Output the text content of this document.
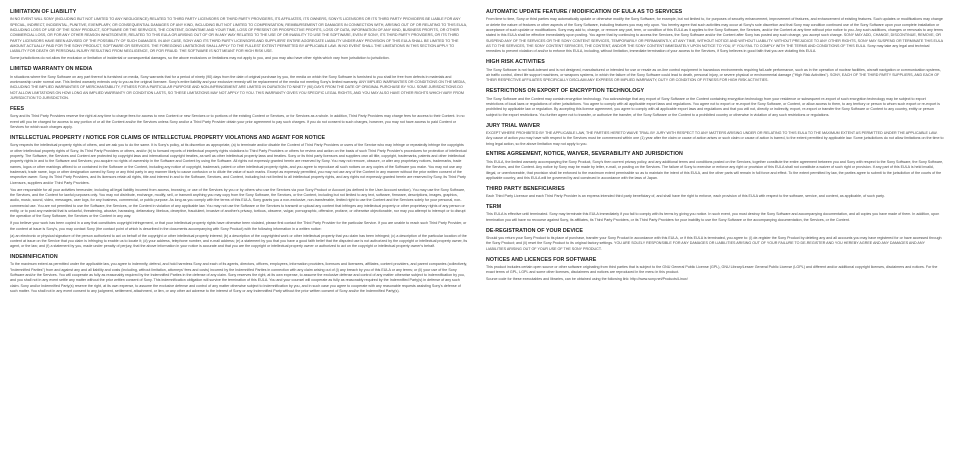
LIMITATION OF LIABILITY

IN NO EVENT WILL SONY (INCLUDING BUT NOT LIMITED TO ANY NEGLIGENCE) RELATED TO THIRD PARTY LICENSORS OR THIRD PARTY PROVIDERS, ITS AFFILIATES, ITS OWNERS, SONY'S LICENSORS OR ITS THIRD PARTY PROVIDERS BE LIABLE FOR ANY SPECIAL, INDIRECT, INCIDENTAL, PUNITIVE, EXEMPLARY, OR CONSEQUENTIAL DAMAGES OF ANY KIND, INCLUDING BUT NOT LIMITED TO COMPENSATION, REIMBURSEMENT OR DAMAGES IN CONNECTION WITH, ARISING OUT OF OR RELATING TO THIS EULA, INCLUDING LOSS OF USE OF THE SONY PRODUCT, SOFTWARE OR THE SERVICES, THE CONTENT, DOWNTIME AND YOUR TIME, LOSS OF PRESENT OR PROSPECTIVE PROFITS, LOSS OF DATA, INFORMATION OF ANY KIND, BUSINESS PROFITS, OR OTHER COMMERCIAL LOSS, OR FOR ANY OTHER REASON WHATSOEVER, RELATED TO THIS EULA OR ARISING OUT OF OR IN ANY WAY RELATED TO THE USE OF OR INABILITY TO USE THE SOFTWARE, EVEN IF SONY, ITS THIRD PARTY PROVIDERS, OR ITS THIRD PARTY LICENSORS HAVE BEEN ADVISED OF THE POSSIBILITY OF SUCH DAMAGES. IN ANY CASE, SONY AND ITS THIRD PARTY LICENSORS AND SUPPLIERS' ENTIRE AGGREGATE LIABILITY UNDER ANY PROVISION OF THIS EULA SHALL BE LIMITED TO THE AMOUNT ACTUALLY PAID FOR THE SONY PRODUCT, SOFTWARE OR SERVICES. THE FOREGOING LIMITATIONS SHALL APPLY TO THE FULLEST EXTENT PERMITTED BY APPLICABLE LAW. IN NO EVENT SHALL THE LIMITATIONS IN THIS SECTION APPLY TO LIABILITY FOR DEATH OR PERSONAL INJURY RESULTING FROM NEGLIGENCE, OR FOR FRAUD. THE SOFTWARE IS NOT MEANT FOR HIGH RISK USE.

Some jurisdictions do not allow the exclusion or limitation of incidental or consequential damages, so the above exclusions or limitations may not apply to you, and you may also have other rights which vary from jurisdiction to jurisdiction.

LIMITED WARRANTY ON MEDIA

In situations where the Sony Software on any part thereof is furnished on media, Sony warrants that for a period of ninety (90) days from the date of original purchase by you, the media on which the Sony Software is furnished to you shall be free from defects in materials and workmanship under normal use. This limited warranty extends only to you as the original licensee. Sony's entire liability and your exclusive remedy will be replacement of the media not meeting Sony's limited warranty. ANY IMPLIED WARRANTIES OR CONDITIONS ON THE MEDIA, INCLUDING THE IMPLIED WARRANTIES OF MERCHANTABILITY, FITNESS FOR A PARTICULAR PURPOSE AND NON-INFRINGEMENT ARE LIMITED IN DURATION TO NINETY (90) DAYS FROM THE DATE OF ORIGINAL PURCHASE BY YOU. SOME JURISDICTIONS DO NOT ALLOW LIMITATIONS ON HOW LONG AN IMPLIED WARRANTY OR CONDITION LASTS, SO THESE LIMITATIONS MAY NOT APPLY TO YOU. THIS WARRANTY GIVES YOU SPECIFIC LEGAL RIGHTS, AND YOU MAY ALSO HAVE OTHER RIGHTS WHICH VARY FROM JURISDICTION TO JURISDICTION.

FEES

Sony and its Third Party Providers reserve the right at any time to charge fees for access to new Content or new Services or to portions of the existing Content or Services, or for Services as a whole. In addition, Third Party Providers may charge fees for access to their Content. In no event will you be charged for access to any portion of or all the Content and/or the Services unless Sony and/or a Third Party Provider obtain your prior agreement to pay such charges. If you do not consent to such charges, however, you may not have access to paid Content or Services for which such charges apply.

INTELLECTUAL PROPERTY / NOTICE FOR CLAIMS OF INTELLECTUAL PROPERTY VIOLATIONS AND AGENT FOR NOTICE

Sony respects the intellectual property rights of others, and we ask you to do the same. It is Sony's policy, at its discretion as appropriate, (a) to terminate and/or disable the Content of Third Party Providers or users of the Service who may infringe or repeatedly infringe the copyrights or other intellectual property rights of Sony, its Third Party Providers or others, and/or (b) to forward reports of intellectual property rights violations to Third Party Providers or others for review and action on the basis of such Third Party Provider's procedures for protection of intellectual property. The Software, the Services and Content are protected by copyright laws and international copyright treaties, as well as other intellectual property laws and treaties. Sony or its third party licensors and suppliers own all title, copyright, trademarks, patents and other intellectual property rights in and to the Software and Services; you acquire no rights of ownership in the Software and Content by using the Software. All rights not expressly granted herein are reserved by Sony. You may not remove, obscure, or alter any proprietary notices, trademarks, trade names, logos or other markings affixed to or contained in the Software or the Content, including any notice of copyright, trademark, patent or other intellectual property rights, and you agree to reproduce all such notices on any copies of the Software you make. You may not use any trademark, trade name, logo or other designation owned by Sony or any third party in any manner likely to cause confusion or to dilute the value of such marks. Except as expressly permitted, you may not use any of the Content in any manner without the prior written consent of the respective owner. Sony, its Third Party Providers, and its licensors retain all rights, title and interest in and to the Software, Services, and Content, including but not limited to all intellectual property rights, and any rights not expressly granted herein are reserved by Sony, its Third Party Licensors, suppliers and/or Third Party Providers.

You are responsible for all your activities hereunder, including all legal liability incurred from access, browsing, or use of the Services by you or by others who use the Services via your Sony Product or Account (as defined in the User Account section). You may use the Sony Software, the Services, and the Content for lawful purposes only. You may not distribute, exchange, modify, sell, or transmit anything you may copy from the Sony Software, the Services, or the Content, including but not limited to any text, software, firmware, descriptions, images, graphics, audio, music, sound, video, messages, user logs, for any business, commercial, or public purpose. As long as you comply with the terms of this EULA, Sony grants you a non-exclusive, non-transferable, limited right to use the Content and the Services solely for your personal, non-commercial use. You are not permitted to use the Software, the Services, or the Content in violation of any applicable law. You may not use the Software or the Services to transmit or upload any content that infringes any intellectual property or other proprietary rights of any person or entity, or to post any material that is unlawful, threatening, abusive, harassing, defamatory, libelous, deceptive, fraudulent, invasive of another's privacy, tortious, obscene, vulgar, pornographic, offensive, profane, or otherwise objectionable, nor may you attempt to interrupt or to disrupt the operation of the Sony Software, the Services or the Content in any way.

If you believe your work has been copied in a way that constitutes copyright infringement, or that your intellectual property rights have otherwise been violated, please first contact the Third Party Provider for the particular Service. If you are unable to reach such Third Party Provider, or the content at issue is Sony's, you may contact Sony (the contact point of which is described in the documents accompanying with Sony Product) with the following information in a written notice:

(a) an electronic or physical signature of the person authorized to act on behalf of the copyright or other intellectual property interest; (b) a description of the copyrighted work or other intellectual property that you claim has been infringed; (c) a description of the particular location of the content at issue on the Service that you claim is infringing to enable us to locate it; (d) your address, telephone number, and e-mail address; (e) a statement by you that you have a good faith belief that the disputed use is not authorized by the copyright or intellectual property owner, its agent, or the law; and (f) a statement by you, made under penalty of perjury, that the above information in your notice is accurate and that you are the copyright or intellectual property owner or authorized to act on the copyright or intellectual property owner's behalf.

INDEMNIFICATION

To the maximum extent as permitted under the applicable law, you agree to indemnify, defend, and hold harmless Sony and each of its agents, directors, officers, employees, information providers, licensors and licensees, affiliates, content providers, and parent companies (collectively, "Indemnified Parties") from and against any and all liability and costs (including, without limitation, attorneys' fees and costs) incurred by the Indemnified Parties in connection with any claim arising out of (i) any breach by you of this EULA or any terms; or (ii) your use of the Sony Software and/or the Services. You will cooperate as fully as reasonably required by the Indemnified Parties in the defense of any claim. Sony reserves the right, at its own expense, to assume the exclusive defense and control of any matter otherwise subject to indemnification by you, and you shall not in any event settle any matter without the prior written consent of Sony. This indemnification obligation will survive the termination of this EULA. You and your counsel will cooperate as fully as reasonably required by the Indemnified Party(s) in defense of any such claim. Sony and/or Indemnified Party(s) reserve the right, at its own expense, to assume the exclusive defense and control of any matter otherwise subject to indemnification by you, and in such case you agree to cooperate with any reasonable requests assisting Sony's defense of such matter. You shall not in any event consent to any judgment, settlement, attachment, or lien, or any other act adverse to the interest of Sony or any Indemnified Party without the prior written consent of Sony and/or the Indemnified Party(s).

AUTOMATIC UPDATE FEATURE / MODIFICATION OF EULA AS TO SERVICES

From time to time, Sony or third parties may automatically update or otherwise modify the Sony Software, for example, but not limited to, for purposes of security enhancement, improvement of features, and enhancement of existing features. Such updates or modifications may change or delete the nature of features or other aspects of the Sony Software, including features you may rely upon. You hereby agree that such activities may occur at Sony's sole discretion and that Sony may condition continued use of the Sony Software upon your complete installation or acceptance of such update or modifications. Sony may add to, change, or remove any part, term, or condition of this EULA as it applies to the Sony Software, the Services, and/or the Content at any time without prior notice to you. Any such additions, changes or removals to any terms stated in this EULA shall be effective immediately upon posting. You agree that by continuing to access the Services, the Sony Software and/or the Content after Sony has posted any such change, you accept such change. SONY MAY ADD, CHANGE, DISCONTINUE, REMOVE, OR SUSPEND ANY OF THE SERVICES OR THE SONY CONTENT SERVICES, TEMPORARILY OR PERMANENTLY, AT ANY TIME, WITHOUT NOTICE AND WITHOUT LIABILITY. WITHOUT PREJUDICE TO ANY OTHER RIGHTS, SONY MAY SUSPEND OR TERMINATE THIS EULA AS TO THE SERVICES, THE SONY CONTENT SERVICES, THE CONTENT, AND/OR THE SONY CONTENT IMMEDIATELY UPON NOTICE TO YOU, IF YOU FAIL TO COMPLY WITH THE TERMS AND CONDITIONS OF THIS EULA. Sony may take any legal and technical remedies to prevent violation of and/or to enforce this EULA, including, without limitation, immediate termination of your access to the Services, if Sony believes in good faith that you are violating this EULA.

HIGH RISK ACTIVITIES

The Sony Software is not fault-tolerant and is not designed, manufactured or intended for use or resale as on-line control equipment in hazardous environments requiring fail-safe performance, such as in the operation of nuclear facilities, aircraft navigation or communication systems, air traffic control, direct life support machines, or weapons systems, in which the failure of the Sony Software could lead to death, personal injury, or severe physical or environmental damage ("High Risk Activities"). SONY, EACH OF THE THIRD PARTY SUPPLIERS, AND EACH OF THEIR RESPECTIVE AFFILIATES SPECIFICALLY DISCLAIM ANY EXPRESS OR IMPLIED WARRANTY, DUTY OR CONDITION OF FITNESS FOR HIGH RISK ACTIVITIES.

RESTRICTIONS ON EXPORT OF ENCRYPTION TECHNOLOGY

The Sony Software and the Content may contain encryption technology. You acknowledge that any export of Sony Software or the Content containing encryption technology from your residence or subsequent re-export of such encryption technology may be subject to export restrictions of local laws or regulations of other jurisdictions. You agree to comply with all applicable export laws and regulations. You agree not to export or re-export the Sony Software, or Content, or allow access to them, to any territory or person to whom such export or re-export is prohibited by applicable law or regulation. By accepting this license agreement, you agree to comply with all applicable export laws and regulations and that you will not, directly or indirectly, export, re-export or transfer the Sony Software or Content to any country, entity or person subject to the export restrictions. You further agree not to transfer, or authorize the transfer, of the Sony Software or the Content to a prohibited country or otherwise in violation of any such restrictions or regulations.

JURY TRIAL WAIVER

EXCEPT WHERE PROHIBITED BY THE APPLICABLE LAW, THE PARTIES HERETO WAIVE TRIAL BY JURY WITH RESPECT TO ANY MATTERS ARISING UNDER OR RELATING TO THIS EULA TO THE MAXIMUM EXTENT AS PERMITTED UNDER THE APPLICABLE LAW. Any cause of action you may have with respect to the Services must be commenced within one (1) year after the claim or cause of action arises or such claim or cause of action is barred, to the extent permitted by applicable law. Some jurisdictions do not allow limitations on the time to bring legal action, so the above limitation may not apply to you.

ENTIRE AGREEMENT, NOTICE, WAIVER, SEVERABILITY AND JURISDICTION

This EULA, the limited warranty accompanying the Sony Product, Sony's then current privacy policy, and any additional terms and conditions posted on the Services, together constitute the entire agreement between you and Sony with respect to the Sony Software, the Sony Software, the Services, and the Content. Any notice by Sony may be made by letter, e-mail, or posting on the Services. The failure of Sony to exercise or enforce any right or provision of this EULA shall not constitute a waiver of such right or provision. If any part of this EULA is held invalid, illegal, or unenforceable, that provision shall be enforced to the maximum extent permissible so as to maintain the intent of this EULA, and the other parts will remain in full force and effect. To the extent permitted by law, the parties agree to submit to the jurisdiction of the courts of the applicable country, and this EULA will be governed by and construed in accordance with the laws of Japan.

THIRD PARTY BENEFICIARIES

Each Third Party Licensor and each Third Party Provider is an express intended third party beneficiary of, and shall have the right to enforce, each provision of this EULA with respect to the software, service, and content, as applicable, of such party.

TERM

This EULA is effective until terminated. Sony may terminate this EULA immediately if you fail to comply with its terms by giving you notice. In such event, you must destroy the Sony Software and accompanying documentation, and all copies you have made of them. In addition, upon termination you will have no recourse against Sony, its affiliates, its Third Party Providers, or its Third Party Providers for your inability to use the Sony Software or the accompanying documentation, the Services, or the Content.

DE-REGISTRATION OF YOUR DEVICE

Should you return your Sony Product to its place of purchase, transfer your Sony Product in accordance with this EULA, or if this EULA is terminated, you agree to: (i) de-register the Sony Product by deleting any and all accounts you may have registered for or have accessed through the Sony Product; and (ii) reset the Sony Product to its original factory settings. YOU ARE SOLELY RESPONSIBLE FOR ANY DAMAGES OR LIABILITIES ARISING OUT OF YOUR FAILURE TO DE-REGISTER AND YOU HEREBY AGREE AND ANY DAMAGES AND ANY LIABILITIES ARISING OUT OF YOUR USE OF THE SONY PRODUCT.

NOTICES AND LICENCES FOR SOFTWARE

This product includes certain open source or other software originating from third parties that is subject to the GNU General Public License (GPL), GNU Library/Lesser General Public License (LGPL) and different and/or additional copyright licenses, disclaimers and notices. For the exact terms of GPL, LGPL and some other licenses, disclaimers and notices are reproduced in the menu in this product.

Source code for these executables and libraries, can be obtained using the following link: http://www.sony.net/Products/Linux/
